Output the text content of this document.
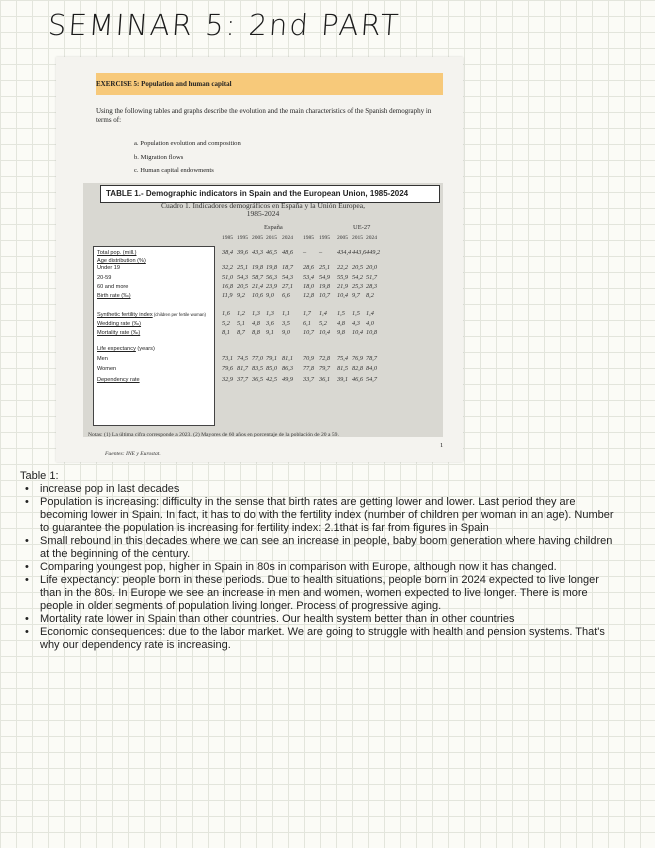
SEMINAR 5: 2nd PART
EXERCISE 5: Population and human capital
Using the following tables and graphs describe the evolution and the main characteristics of the Spanish demography in terms of:
a. Population evolution and composition
b. Migration flows
c. Human capital endowments
TABLE 1.- Demographic indicators in Spain and the European Union, 1985-2024
Cuadro 1. Indicadores demográficos en España y la Unión Europea,
1985-2024
España	UE-27
1985 1995 2005 2015 2024 1985 1995 2005 2015 2024
Total pop. (mill.)
Age distribution (%)
Under 19
20-59
60 and more
Birth rate (‰)
Synthetic fertility index (children per fertile woman)
Wedding rate (‰)
Mortality rate (‰)
Life expectancy (years)
Men
Women
Dependency rate
38,4 39,6 43,3 46,5 48,6 – – 434,4 443,6 449,2
32,2 25,1 19,8 19,8 18,7 28,6 25,1 22,2 20,5 20,0
51,0 54,3 58,7 56,3 54,3 53,4 54,9 55,9 54,2 51,7
16,8 20,5 21,4 23,9 27,1 18,0 19,8 21,9 25,3 28,3
11,9 9,2 10,6 9,0 6,6 12,8 10,7 10,4 9,7 8,2
1,6 1,2 1,3 1,3 1,1 1,7 1,4 1,5 1,5 1,4
5,2 5,1 4,8 3,6 3,5 6,1 5,2 4,8 4,3 4,0
8,1 8,7 8,8 9,1 9,0 10,7 10,4 9,8 10,4 10,8
73,1 74,5 77,0 79,1 81,1 70,9 72,8 75,4 76,9 78,7
79,6 81,7 83,5 85,0 86,3 77,8 79,7 81,5 82,8 84,0
32,9 37,7 36,5 42,5 49,9 33,7 36,1 39,1 46,6 54,7
Notas: (1) La última cifra corresponde a 2023. (2) Mayores de 60 años en porcentaje de la población de 20 a 59.
Fuentes: INE y Eurostat.
1
Table 1:
• increase pop in last decades
• Population is increasing: difficulty in the sense that birth rates are getting lower and lower. Last period they are becoming lower in Spain. In fact, it has to do with the fertility index (number of children per woman in an age). Number to guarantee the population is increasing for fertility index: 2.1that is far from figures in Spain
• Small rebound in this decades where we can see an increase in people, baby boom generation where having children at the beginning of the century.
• Comparing youngest pop, higher in Spain in 80s in comparison with Europe, although now it has changed.
• Life expectancy: people born in these periods. Due to health situations, people born in 2024 expected to live longer than in the 80s. In Europe we see an increase in men and women, women expected to live longer. There is more people in older segments of population living longer. Process of progressive aging.
• Mortality rate lower in Spain than other countries. Our health system better than in other countries
• Economic consequences: due to the labor market. We are going to struggle with health and pension systems. That's why our dependency rate is increasing.
